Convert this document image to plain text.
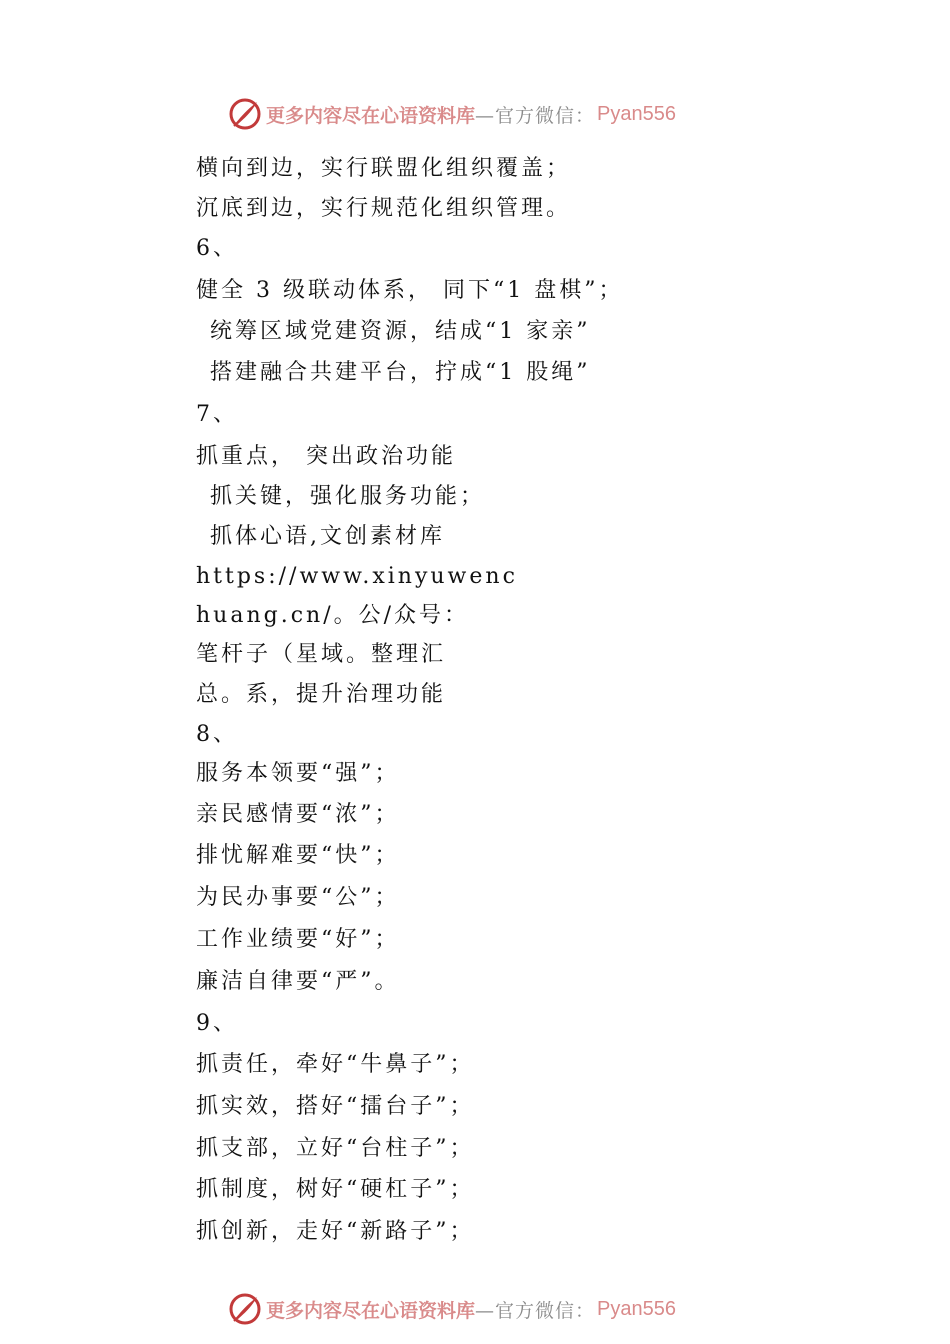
更多内容尽在心语资料库 —官方微信： Pyan556
横向到边，实行联盟化组织覆盖；
沉底到边，实行规范化组织管理。
6、
健全 3 级联动体系， 同下“1 盘棋”；
统筹区域党建资源，结成“1 家亲”
搭建融合共建平台，拧成“1 股绳”
7、
抓重点， 突出政治功能
抓关键，强化服务功能；
抓体心语,文创素材库
https://www.xinyuwenc
huang.cn/。公/众号：
笔杆子（星域。整理汇
总。系，提升治理功能
8、
服务本领要“强”；
亲民感情要“浓”；
排忧解难要“快”；
为民办事要“公”；
工作业绩要“好”；
廉洁自律要“严”。
9、
抓责任，牵好“牛鼻子”；
抓实效，搭好“擂台子”；
抓支部，立好“台柱子”；
抓制度，树好“硬杠子”；
抓创新，走好“新路子”；
更多内容尽在心语资料库 —官方微信： Pyan556
